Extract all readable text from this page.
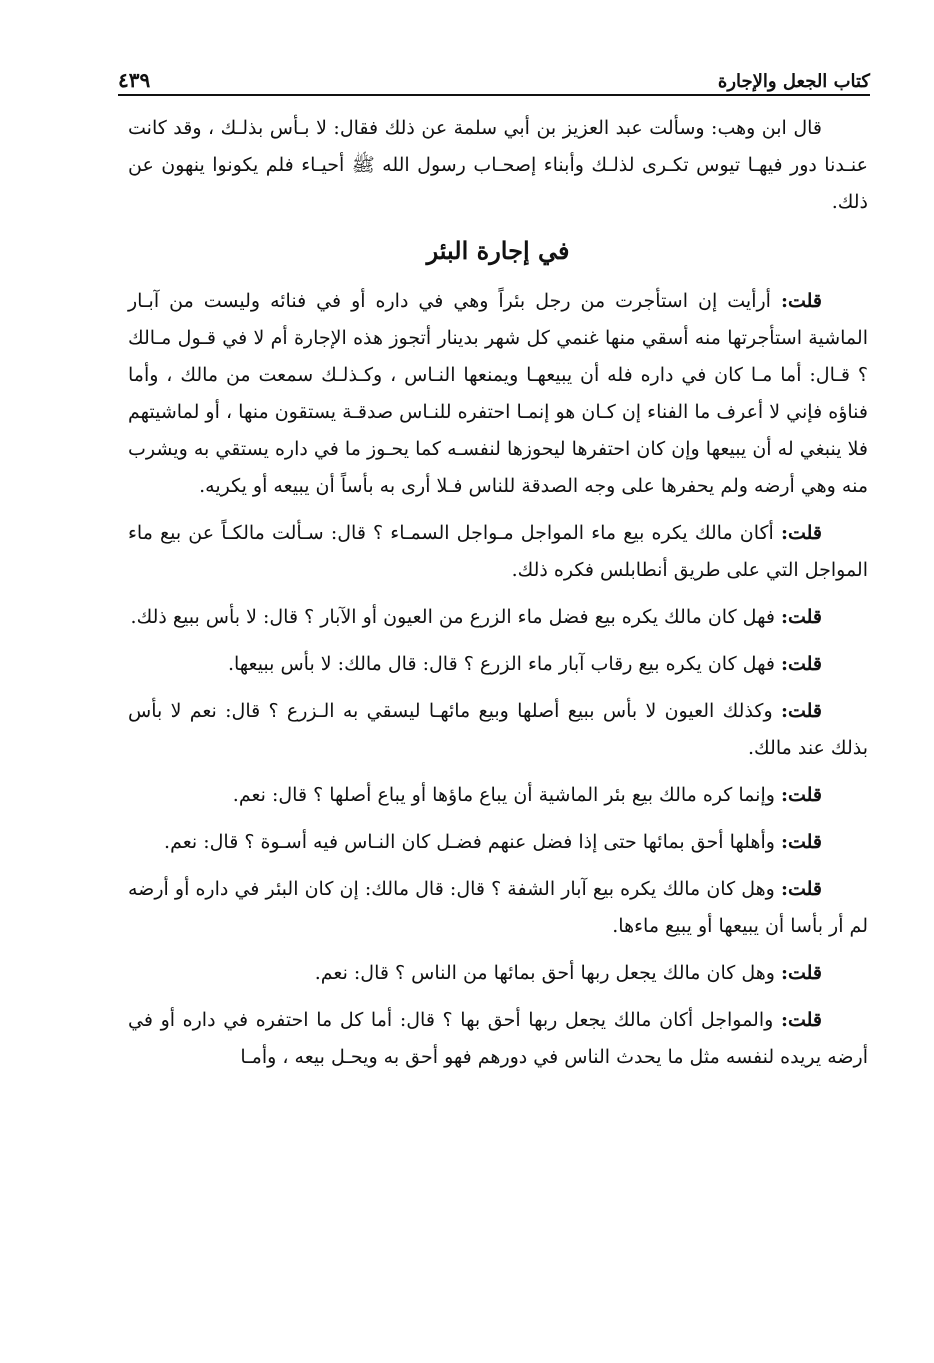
كتاب الجعل والإجارة
٤٣٩

قال ابن وهب: وسألت عبد العزيز بن أبي سلمة عن ذلك فقال: لا بـأس بذلـك ، وقد كانت عنـدنا دور فيهـا تيوس تكـرى لذلـك وأبناء إصحـاب رسول الله ﷺ أحيـاء فلم يكونوا ينهون عن ذلك.

في إجارة البئر

قلت: أرأيت إن استأجرت من رجل بئراً وهي في داره أو في فنائه وليست من آبـار الماشية استأجرتها منه أسقي منها غنمي كل شهر بدينار أتجوز هذه الإجارة أم لا في قـول مـالك ؟ قـال: أما مـا كان في داره فله أن يبيعهـا ويمنعها النـاس ، وكـذلـك سمعت من مالك ، وأما فناؤه فإني لا أعرف ما الفناء إن كـان هو إنمـا احتفره للنـاس صدقـة يستقون منها ، أو لماشيتهم فلا ينبغي له أن يبيعها وإن كان احتفرها ليحوزها لنفسـه كما يحـوز ما في داره يستقي به ويشرب منه وهي أرضه ولم يحفرها على وجه الصدقة للناس فـلا أرى به بأساً أن يبيعه أو يكريه.

قلت: أكان مالك يكره بيع ماء المواجل مـواجل السمـاء ؟ قال: سـألت مالكـاً عن بيع ماء المواجل التي على طريق أنطابلس فكره ذلك.

قلت: فهل كان مالك يكره بيع فضل ماء الزرع من العيون أو الآبار ؟ قال: لا بأس ببيع ذلك.

قلت: فهل كان يكره بيع رقاب آبار ماء الزرع ؟ قال: قال مالك: لا بأس ببيعها.

قلت: وكذلك العيون لا بأس ببيع أصلها وبيع مائهـا ليسقي به الـزرع ؟ قال: نعم لا بأس بذلك عند مالك.

قلت: وإنما كره مالك بيع بئر الماشية أن يباع ماؤها أو يباع أصلها ؟ قال: نعم.

قلت: وأهلها أحق بمائها حتى إذا فضل عنهم فضـل كان النـاس فيه أسـوة ؟ قال: نعم.

قلت: وهل كان مالك يكره بيع آبار الشفة ؟ قال: قال مالك: إن كان البئر في داره أو أرضه لم أر بأسا أن يبيعها أو يبيع ماءها.

قلت: وهل كان مالك يجعل ربها أحق بمائها من الناس ؟ قال: نعم.

قلت: والمواجل أكان مالك يجعل ربها أحق بها ؟ قال: أما كل ما احتفره في داره أو في أرضه يريده لنفسه مثل ما يحدث الناس في دورهم فهو أحق به ويحـل بيعه ، وأمـا
